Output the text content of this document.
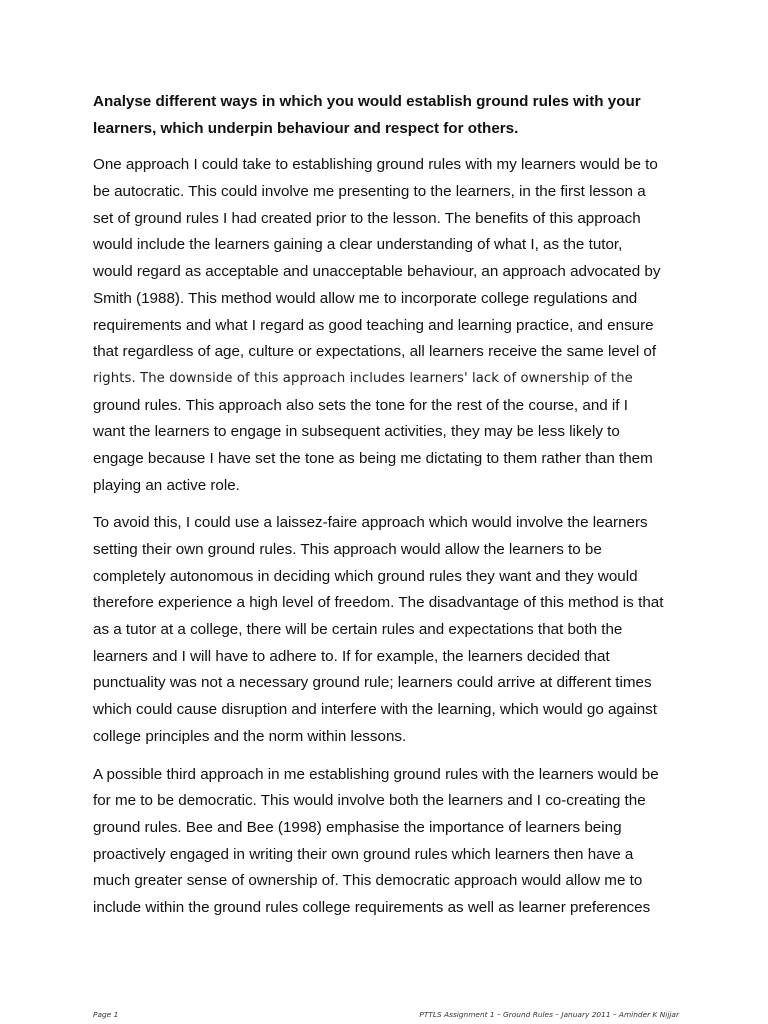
Analyse different ways in which you would establish ground rules with your
learners, which underpin behaviour and respect for others.
One approach I could take to establishing ground rules with my learners would be to
be autocratic. This could involve me presenting to the learners, in the first lesson a
set of ground rules I had created prior to the lesson. The benefits of this approach
would include the learners gaining a clear understanding of what I, as the tutor,
would regard as acceptable and unacceptable behaviour, an approach advocated by
Smith (1988). This method would allow me to incorporate college regulations and
requirements and what I regard as good teaching and learning practice, and ensure
that regardless of age, culture or expectations, all learners receive the same level of
rights. The downside of this approach includes learners' lack of ownership of the
ground rules. This approach also sets the tone for the rest of the course, and if I
want the learners to engage in subsequent activities, they may be less likely to
engage because I have set the tone as being me dictating to them rather than them
playing an active role.
To avoid this, I could use a laissez-faire approach which would involve the learners
setting their own ground rules. This approach would allow the learners to be
completely autonomous in deciding which ground rules they want and they would
therefore experience a high level of freedom. The disadvantage of this method is that
as a tutor at a college, there will be certain rules and expectations that both the
learners and I will have to adhere to. If for example, the learners decided that
punctuality was not a necessary ground rule; learners could arrive at different times
which could cause disruption and interfere with the learning, which would go against
college principles and the norm within lessons.
A possible third approach in me establishing ground rules with the learners would be
for me to be democratic. This would involve both the learners and I co-creating the
ground rules. Bee and Bee (1998) emphasise the importance of learners being
proactively engaged in writing their own ground rules which learners then have a
much greater sense of ownership of. This democratic approach would allow me to
include within the ground rules college requirements as well as learner preferences
Page 1	PTTLS Assignment 1 – Ground Rules – January 2011 – Aminder K Nijjar
